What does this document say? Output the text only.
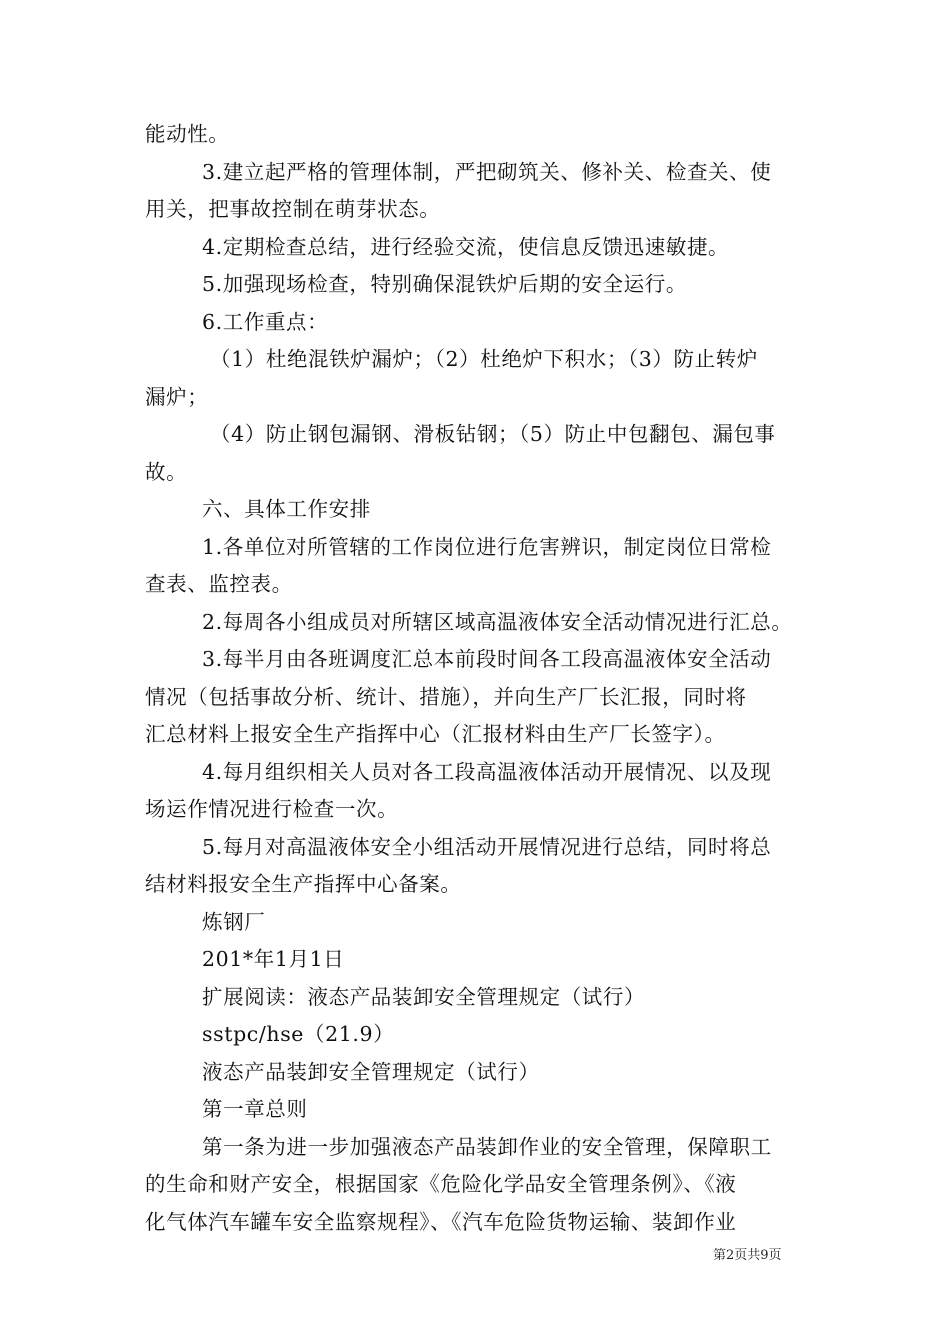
能动性。

3.建立起严格的管理体制，严把砌筑关、修补关、检查关、使

用关，把事故控制在萌芽状态。

4.定期检查总结，进行经验交流，使信息反馈迅速敏捷。

5.加强现场检查，特别确保混铁炉后期的安全运行。

6.工作重点：

（1）杜绝混铁炉漏炉；（2）杜绝炉下积水；（3）防止转炉

漏炉；

（4）防止钢包漏钢、滑板钻钢；（5）防止中包翻包、漏包事

故。

六、具体工作安排

1.各单位对所管辖的工作岗位进行危害辨识，制定岗位日常检

查表、监控表。

2.每周各小组成员对所辖区域高温液体安全活动情况进行汇总。

3.每半月由各班调度汇总本前段时间各工段高温液体安全活动

情况（包括事故分析、统计、措施），并向生产厂长汇报，同时将

汇总材料上报安全生产指挥中心（汇报材料由生产厂长签字）。

4.每月组织相关人员对各工段高温液体活动开展情况、以及现

场运作情况进行检查一次。

5.每月对高温液体安全小组活动开展情况进行总结，同时将总

结材料报安全生产指挥中心备案。

炼钢厂

201*年1月1日

扩展阅读：液态产品装卸安全管理规定（试行）

sstpc/hse（21.9）

液态产品装卸安全管理规定（试行）

第一章总则

第一条为进一步加强液态产品装卸作业的安全管理，保障职工

的生命和财产安全，根据国家《危险化学品安全管理条例》、《液

化气体汽车罐车安全监察规程》、《汽车危险货物运输、装卸作业

第2页共9页
